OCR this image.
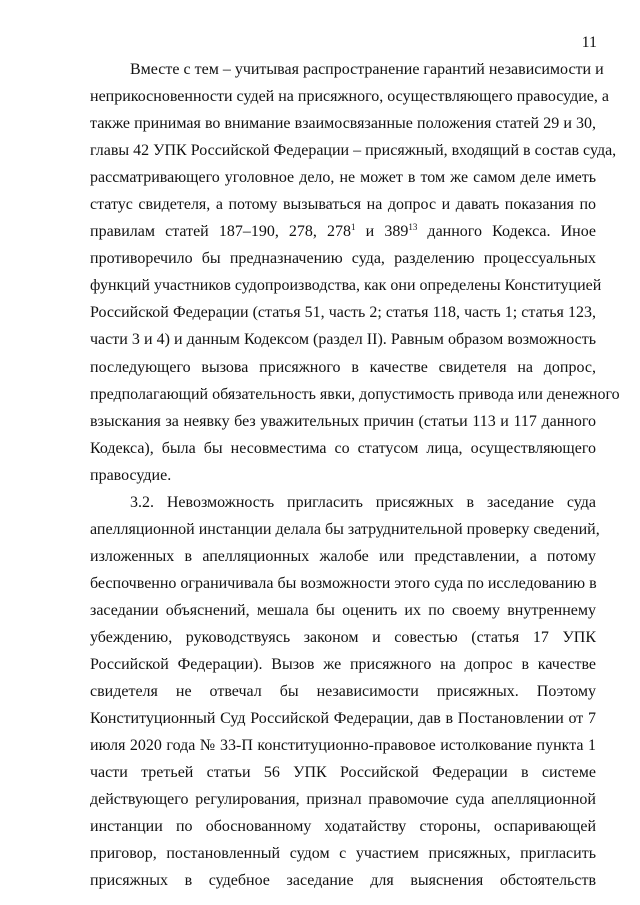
11
Вместе с тем – учитывая распространение гарантий независимости и
неприкосновенности судей на присяжного, осуществляющего правосудие, а
также принимая во внимание взаимосвязанные положения статей 29 и 30,
главы 42 УПК Российской Федерации – присяжный, входящий в состав суда,
рассматривающего уголовное дело, не может в том же самом деле иметь
статус свидетеля, а потому вызываться на допрос и давать показания по
правилам статей 187–190, 278, $278^1$ и $389^{13}$ данного Кодекса. Иное
противоречило бы предназначению суда, разделению процессуальных
функций участников судопроизводства, как они определены Конституцией
Российской Федерации (статья 51, часть 2; статья 118, часть 1; статья 123,
части 3 и 4) и данным Кодексом (раздел II). Равным образом возможность
последующего вызова присяжного в качестве свидетеля на допрос,
предполагающий обязательность явки, допустимость привода или денежного
взыскания за неявку без уважительных причин (статьи 113 и 117 данного
Кодекса), была бы несовместима со статусом лица, осуществляющего
правосудие.
3.2. Невозможность пригласить присяжных в заседание суда
апелляционной инстанции делала бы затруднительной проверку сведений,
изложенных в апелляционных жалобе или представлении, а потому
беспочвенно ограничивала бы возможности этого суда по исследованию в
заседании объяснений, мешала бы оценить их по своему внутреннему
убеждению, руководствуясь законом и совестью (статья 17 УПК
Российской Федерации). Вызов же присяжного на допрос в качестве
свидетеля не отвечал бы независимости присяжных. Поэтому
Конституционный Суд Российской Федерации, дав в Постановлении от 7
июля 2020 года № 33-П конституционно-правовое истолкование пункта 1
части третьей статьи 56 УПК Российской Федерации в системе
действующего регулирования, признал правомочие суда апелляционной
инстанции по обоснованному ходатайству стороны, оспаривающей
приговор, постановленный судом с участием присяжных, пригласить
присяжных в судебное заседание для выяснения обстоятельств
